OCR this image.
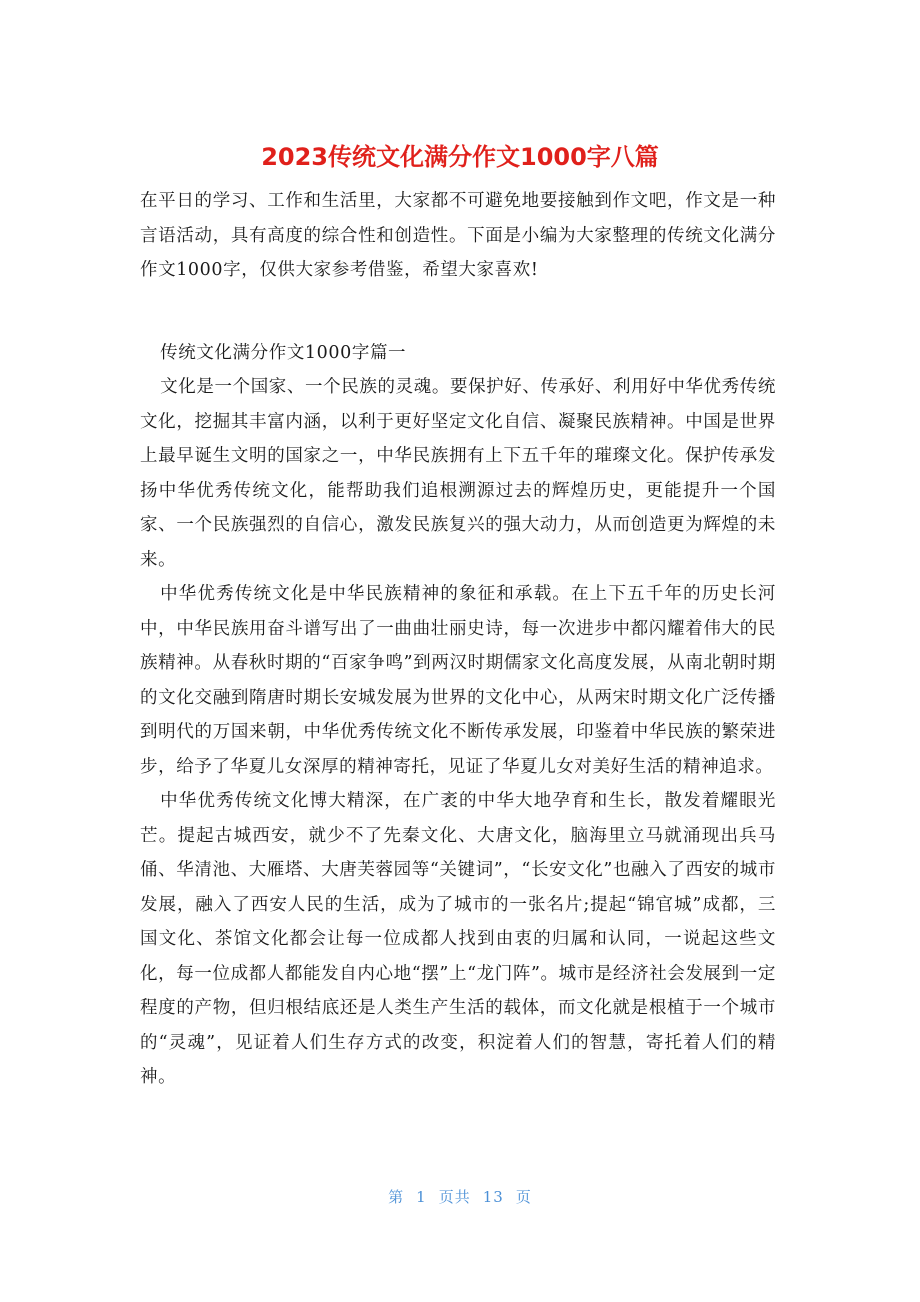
2023传统文化满分作文1000字八篇

在平日的学习、工作和生活里，大家都不可避免地要接触到作文吧，作文是一种言语活动，具有高度的综合性和创造性。下面是小编为大家整理的传统文化满分作文1000字，仅供大家参考借鉴，希望大家喜欢!

传统文化满分作文1000字篇一

文化是一个国家、一个民族的灵魂。要保护好、传承好、利用好中华优秀传统文化，挖掘其丰富内涵，以利于更好坚定文化自信、凝聚民族精神。中国是世界上最早诞生文明的国家之一，中华民族拥有上下五千年的璀璨文化。保护传承发扬中华优秀传统文化，能帮助我们追根溯源过去的辉煌历史，更能提升一个国家、一个民族强烈的自信心，激发民族复兴的强大动力，从而创造更为辉煌的未来。

中华优秀传统文化是中华民族精神的象征和承载。在上下五千年的历史长河中，中华民族用奋斗谱写出了一曲曲壮丽史诗，每一次进步中都闪耀着伟大的民族精神。从春秋时期的“百家争鸣”到两汉时期儒家文化高度发展，从南北朝时期的文化交融到隋唐时期长安城发展为世界的文化中心，从两宋时期文化广泛传播到明代的万国来朝，中华优秀传统文化不断传承发展，印鉴着中华民族的繁荣进步，给予了华夏儿女深厚的精神寄托，见证了华夏儿女对美好生活的精神追求。

中华优秀传统文化博大精深，在广袤的中华大地孕育和生长，散发着耀眼光芒。提起古城西安，就少不了先秦文化、大唐文化，脑海里立马就涌现出兵马俑、华清池、大雁塔、大唐芙蓉园等“关键词”，“长安文化”也融入了西安的城市发展，融入了西安人民的生活，成为了城市的一张名片;提起“锦官城”成都，三国文化、茶馆文化都会让每一位成都人找到由衷的归属和认同，一说起这些文化，每一位成都人都能发自内心地“摆”上“龙门阵”。城市是经济社会发展到一定程度的产物，但归根结底还是人类生产生活的载体，而文化就是根植于一个城市的“灵魂”，见证着人们生存方式的改变，积淀着人们的智慧，寄托着人们的精神。

第 1 页共 13 页
